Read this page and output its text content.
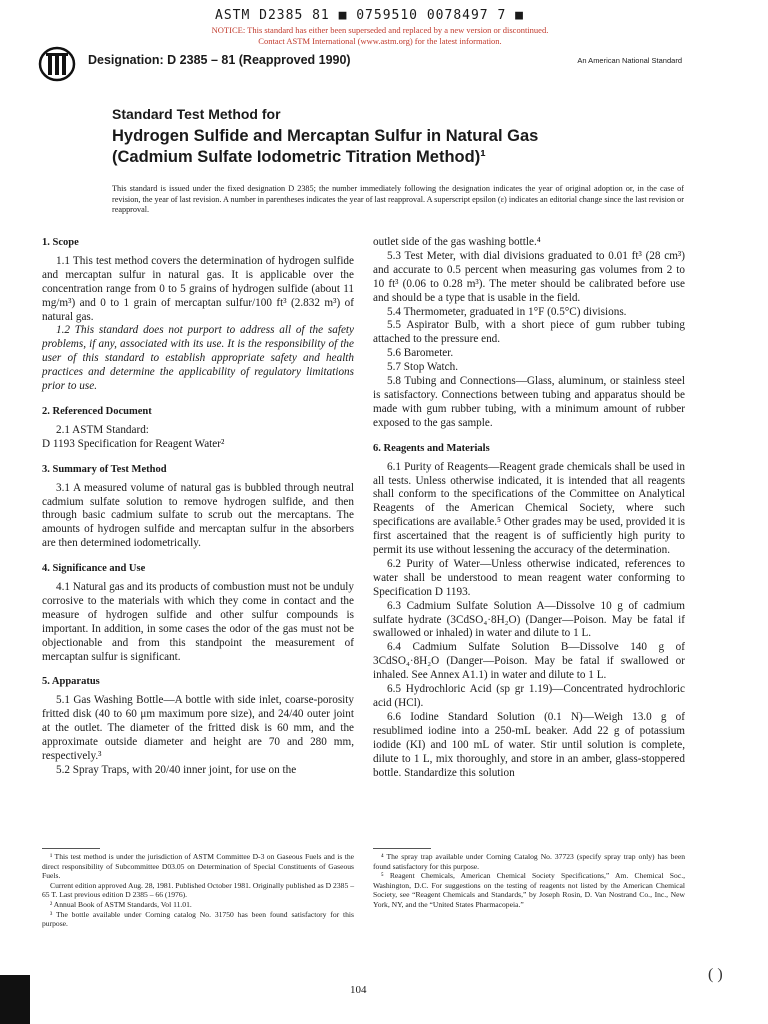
ASTM D2385 81 ■ 0759510 0078497 7 ■
NOTICE: This standard has either been superseded and replaced by a new version or discontinued.
Contact ASTM International (www.astm.org) for the latest information.
Designation: D 2385 – 81 (Reapproved 1990)	An American National Standard
Standard Test Method for
Hydrogen Sulfide and Mercaptan Sulfur in Natural Gas
(Cadmium Sulfate Iodometric Titration Method)¹
This standard is issued under the fixed designation D 2385; the number immediately following the designation indicates the year of original adoption or, in the case of revision, the year of last revision. A number in parentheses indicates the year of last reapproval. A superscript epsilon (ε) indicates an editorial change since the last revision or reapproval.
1. Scope

1.1 This test method covers the determination of hydrogen sulfide and mercaptan sulfur in natural gas. It is applicable over the concentration range from 0 to 5 grains of hydrogen sulfide (about 11 mg/m³) and 0 to 1 grain of mercaptan sulfur/100 ft³ (2.832 m³) of natural gas.

1.2 This standard does not purport to address all of the safety problems, if any, associated with its use. It is the responsibility of the user of this standard to establish appropriate safety and health practices and determine the applicability of regulatory limitations prior to use.

2. Referenced Document

2.1 ASTM Standard:

D 1193 Specification for Reagent Water²

3. Summary of Test Method

3.1 A measured volume of natural gas is bubbled through neutral cadmium sulfate solution to remove hydrogen sulfide, and then through basic cadmium sulfate to scrub out the mercaptans. The amounts of hydrogen sulfide and mercaptan sulfur in the absorbers are then determined iodometrically.

4. Significance and Use

4.1 Natural gas and its products of combustion must not be unduly corrosive to the materials with which they come in contact and the measure of hydrogen sulfide and other sulfur compounds is important. In addition, in some cases the odor of the gas must not be objectionable and from this standpoint the measurement of mercaptan sulfur is significant.

5. Apparatus

5.1 Gas Washing Bottle—A bottle with side inlet, coarse-porosity fritted disk (40 to 60 μm maximum pore size), and 24/40 outer joint at the outlet. The diameter of the fritted disk is 60 mm, and the approximate outside diameter and height are 70 and 280 mm, respectively.³

5.2 Spray Traps, with 20/40 inner joint, for use on the

outlet side of the gas washing bottle.⁴

5.3 Test Meter, with dial divisions graduated to 0.01 ft³ (28 cm³) and accurate to 0.5 percent when measuring gas volumes from 2 to 10 ft³ (0.06 to 0.28 m³). The meter should be calibrated before use and should be a type that is usable in the field.

5.4 Thermometer, graduated in 1°F (0.5°C) divisions.

5.5 Aspirator Bulb, with a short piece of gum rubber tubing attached to the pressure end.

5.6 Barometer.

5.7 Stop Watch.

5.8 Tubing and Connections—Glass, aluminum, or stainless steel is satisfactory. Connections between tubing and apparatus should be made with gum rubber tubing, with a minimum amount of rubber exposed to the gas sample.

6. Reagents and Materials

6.1 Purity of Reagents—Reagent grade chemicals shall be used in all tests. Unless otherwise indicated, it is intended that all reagents shall conform to the specifications of the Committee on Analytical Reagents of the American Chemical Society, where such specifications are available.⁵ Other grades may be used, provided it is first ascertained that the reagent is of sufficiently high purity to permit its use without lessening the accuracy of the determination.

6.2 Purity of Water—Unless otherwise indicated, references to water shall be understood to mean reagent water conforming to Specification D 1193.

6.3 Cadmium Sulfate Solution A—Dissolve 10 g of cadmium sulfate hydrate (3CdSO₄·8H₂O) (Danger—Poison. May be fatal if swallowed or inhaled) in water and dilute to 1 L.

6.4 Cadmium Sulfate Solution B—Dissolve 140 g of 3CdSO₄·8H₂O (Danger—Poison. May be fatal if swallowed or inhaled. See Annex A1.1) in water and dilute to 1 L.

6.5 Hydrochloric Acid (sp gr 1.19)—Concentrated hydrochloric acid (HCl).

6.6 Iodine Standard Solution (0.1 N)—Weigh 13.0 g of resublimed iodine into a 250-mL beaker. Add 22 g of potassium iodide (KI) and 100 mL of water. Stir until solution is complete, dilute to 1 L, mix thoroughly, and store in an amber, glass-stoppered bottle. Standardize this solution

¹ This test method is under the jurisdiction of ASTM Committee D-3 on Gaseous Fuels and is the direct responsibility of Subcommittee D03.05 on Determination of Special Constituents of Gaseous Fuels.

Current edition approved Aug. 28, 1981. Published October 1981. Originally published as D 2385 – 65 T. Last previous edition D 2385 – 66 (1976).

² Annual Book of ASTM Standards, Vol 11.01.

³ The bottle available under Corning catalog No. 31750 has been found satisfactory for this purpose.

⁴ The spray trap available under Corning Catalog No. 37723 (specify spray trap only) has been found satisfactory for this purpose.

⁵ Reagent Chemicals, American Chemical Society Specifications,” Am. Chemical Soc., Washington, D.C. For suggestions on the testing of reagents not listed by the American Chemical Society, see “Reagent Chemicals and Standards,” by Joseph Rosin, D. Van Nostrand Co., Inc., New York, NY, and the “United States Pharmacopeia.”

104
( )
